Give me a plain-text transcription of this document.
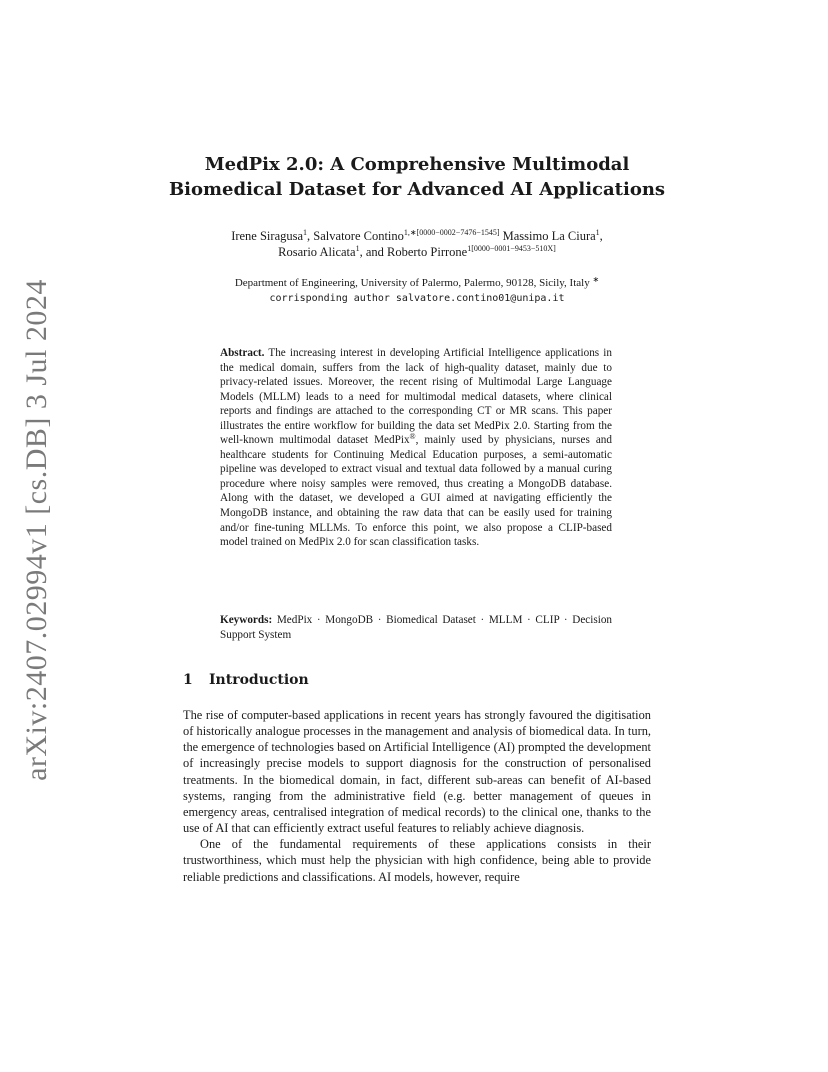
arXiv:2407.02994v1 [cs.DB] 3 Jul 2024
MedPix 2.0: A Comprehensive Multimodal
Biomedical Dataset for Advanced AI Applications
Irene Siragusa$^1$, Salvatore Contino$^{1,∗[0000-0002-7476-1545]}$ Massimo La Ciura$^1$,
Rosario Alicata$^1$, and Roberto Pirrone$^{1[0000-0001-9453-510X]}$
Department of Engineering, University of Palermo, Palermo, 90128, Sicily, Italy ∗
corrisponding author salvatore.contino01@unipa.it
Abstract. The increasing interest in developing Artificial Intelligence applications in the medical domain, suffers from the lack of high-quality dataset, mainly due to privacy-related issues. Moreover, the recent rising of Multimodal Large Language Models (MLLM) leads to a need for multimodal medical datasets, where clinical reports and findings are attached to the corresponding CT or MR scans. This paper illustrates the entire workflow for building the data set MedPix 2.0. Starting from the well-known multimodal dataset MedPix®, mainly used by physicians, nurses and healthcare students for Continuing Medical Education purposes, a semi-automatic pipeline was developed to extract visual and textual data followed by a manual curing procedure where noisy samples were removed, thus creating a MongoDB database. Along with the dataset, we developed a GUI aimed at navigating efficiently the MongoDB instance, and obtaining the raw data that can be easily used for training and/or fine-tuning MLLMs. To enforce this point, we also propose a CLIP-based model trained on MedPix 2.0 for scan classification tasks.
Keywords: MedPix · MongoDB · Biomedical Dataset · MLLM · CLIP · Decision Support System
1 Introduction

The rise of computer-based applications in recent years has strongly favoured the digitisation of historically analogue processes in the management and analysis of biomedical data. In turn, the emergence of technologies based on Artificial Intelligence (AI) prompted the development of increasingly precise models to support diagnosis for the construction of personalised treatments. In the biomedical domain, in fact, different sub-areas can benefit of AI-based systems, ranging from the administrative field (e.g. better management of queues in emergency areas, centralised integration of medical records) to the clinical one, thanks to the use of AI that can efficiently extract useful features to reliably achieve diagnosis.

One of the fundamental requirements of these applications consists in their trustworthiness, which must help the physician with high confidence, being able to provide reliable predictions and classifications. AI models, however, require
